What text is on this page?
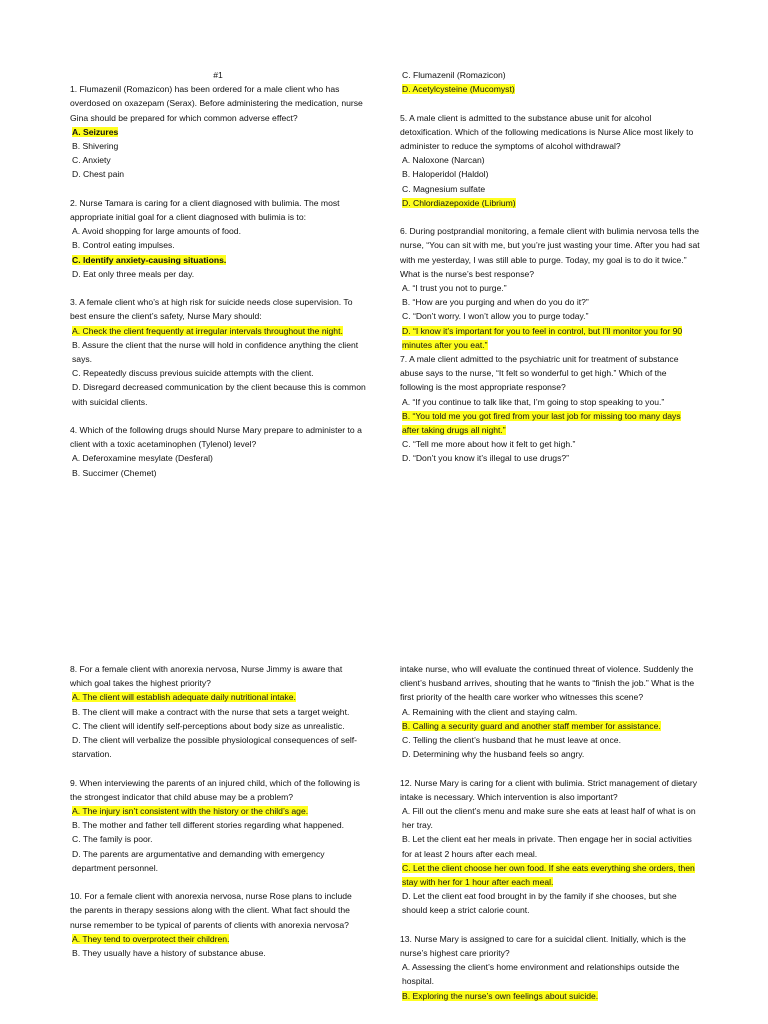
#1

1. Flumazenil (Romazicon) has been ordered for a male client who has overdosed on oxazepam (Serax). Before administering the medication, nurse Gina should be prepared for which common adverse effect?

A. Seizures

B. Shivering

C. Anxiety

D. Chest pain

2. Nurse Tamara is caring for a client diagnosed with bulimia. The most appropriate initial goal for a client diagnosed with bulimia is to:

A. Avoid shopping for large amounts of food.

B. Control eating impulses.

C. Identify anxiety-causing situations.

D. Eat only three meals per day.

3. A female client who’s at high risk for suicide needs close supervision. To best ensure the client’s safety, Nurse Mary should:

A. Check the client frequently at irregular intervals throughout the night.

B. Assure the client that the nurse will hold in confidence anything the client says.

C. Repeatedly discuss previous suicide attempts with the client.

D. Disregard decreased communication by the client because this is common with suicidal clients.

4. Which of the following drugs should Nurse Mary prepare to administer to a client with a toxic acetaminophen (Tylenol) level?

A. Deferoxamine mesylate (Desferal)

B. Succimer (Chemet)

C. Flumazenil (Romazicon)

D. Acetylcysteine (Mucomyst)

5. A male client is admitted to the substance abuse unit for alcohol detoxification. Which of the following medications is Nurse Alice most likely to administer to reduce the symptoms of alcohol withdrawal?

A. Naloxone (Narcan)

B. Haloperidol (Haldol)

C. Magnesium sulfate

D. Chlordiazepoxide (Librium)

6. During postprandial monitoring, a female client with bulimia nervosa tells the nurse, “You can sit with me, but you’re just wasting your time. After you had sat with me yesterday, I was still able to purge. Today, my goal is to do it twice.” What is the nurse’s best response?

A. “I trust you not to purge.”

B. “How are you purging and when do you do it?”

C. “Don’t worry. I won’t allow you to purge today.”

D. “I know it’s important for you to feel in control, but I’ll monitor you for 90 minutes after you eat.”

7. A male client admitted to the psychiatric unit for treatment of substance abuse says to the nurse, “It felt so wonderful to get high.” Which of the following is the most appropriate response?

A. “If you continue to talk like that, I’m going to stop speaking to you.”

B. “You told me you got fired from your last job for missing too many days after taking drugs all night.”

C. “Tell me more about how it felt to get high.”

D. “Don’t you know it’s illegal to use drugs?”

8. For a female client with anorexia nervosa, Nurse Jimmy is aware that which goal takes the highest priority?

A. The client will establish adequate daily nutritional intake.

B. The client will make a contract with the nurse that sets a target weight.

C. The client will identify self-perceptions about body size as unrealistic.

D. The client will verbalize the possible physiological consequences of self-starvation.

9. When interviewing the parents of an injured child, which of the following is the strongest indicator that child abuse may be a problem?

A. The injury isn’t consistent with the history or the child’s age.

B. The mother and father tell different stories regarding what happened.

C. The family is poor.

D. The parents are argumentative and demanding with emergency department personnel.

10. For a female client with anorexia nervosa, nurse Rose plans to include the parents in therapy sessions along with the client. What fact should the nurse remember to be typical of parents of clients with anorexia nervosa?

A. They tend to overprotect their children.

B. They usually have a history of substance abuse.

intake nurse, who will evaluate the continued threat of violence. Suddenly the client’s husband arrives, shouting that he wants to “finish the job.” What is the first priority of the health care worker who witnesses this scene?

A. Remaining with the client and staying calm.

B. Calling a security guard and another staff member for assistance.

C. Telling the client’s husband that he must leave at once.

D. Determining why the husband feels so angry.

12. Nurse Mary is caring for a client with bulimia. Strict management of dietary intake is necessary. Which intervention is also important?

A. Fill out the client’s menu and make sure she eats at least half of what is on her tray.

B. Let the client eat her meals in private. Then engage her in social activities for at least 2 hours after each meal.

C. Let the client choose her own food. If she eats everything she orders, then stay with her for 1 hour after each meal.

D. Let the client eat food brought in by the family if she chooses, but she should keep a strict calorie count.

13. Nurse Mary is assigned to care for a suicidal client. Initially, which is the nurse’s highest care priority?

A. Assessing the client’s home environment and relationships outside the hospital.

B. Exploring the nurse’s own feelings about suicide.
